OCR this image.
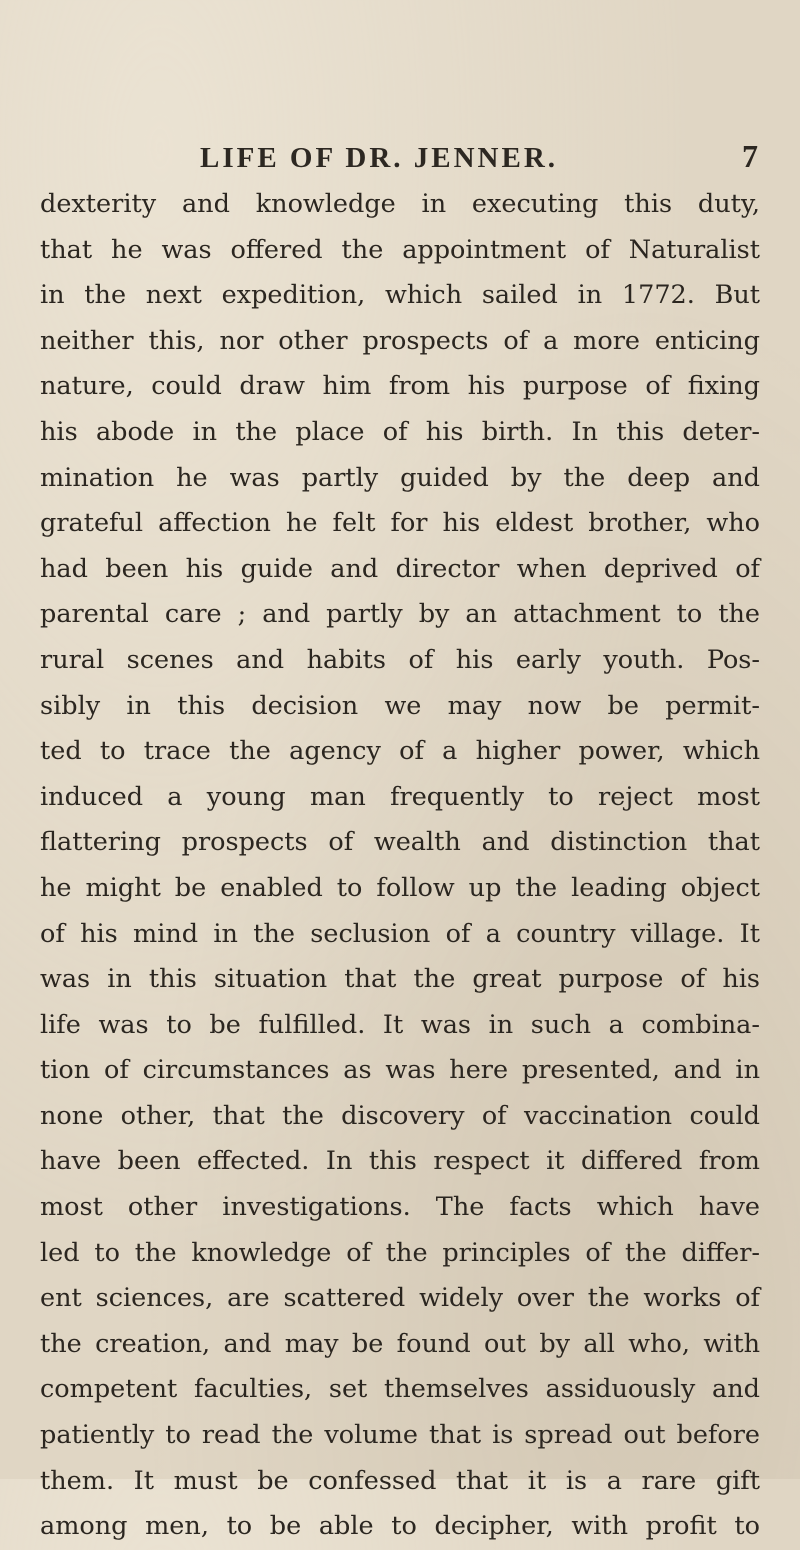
LIFE OF DR. JENNER.	7
dexterity and knowledge in executing this duty,
that he was offered the appointment of Naturalist
in the next expedition, which sailed in 1772. But
neither this, nor other prospects of a more enticing
nature, could draw him from his purpose of fixing
his abode in the place of his birth. In this deter-
mination he was partly guided by the deep and
grateful affection he felt for his eldest brother, who
had been his guide and director when deprived of
parental care ; and partly by an attachment to the
rural scenes and habits of his early youth. Pos-
sibly in this decision we may now be permit-
ted to trace the agency of a higher power, which
induced a young man frequently to reject most
flattering prospects of wealth and distinction that
he might be enabled to follow up the leading object
of his mind in the seclusion of a country village. It
was in this situation that the great purpose of his
life was to be fulfilled. It was in such a combina-
tion of circumstances as was here presented, and in
none other, that the discovery of vaccination could
have been effected. In this respect it differed from
most other investigations. The facts which have
led to the knowledge of the principles of the differ-
ent sciences, are scattered widely over the works of
the creation, and may be found out by all who, with
competent faculties, set themselves assiduously and
patiently to read the volume that is spread out before
them. It must be confessed that it is a rare gift
among men, to be able to decipher, with profit to
